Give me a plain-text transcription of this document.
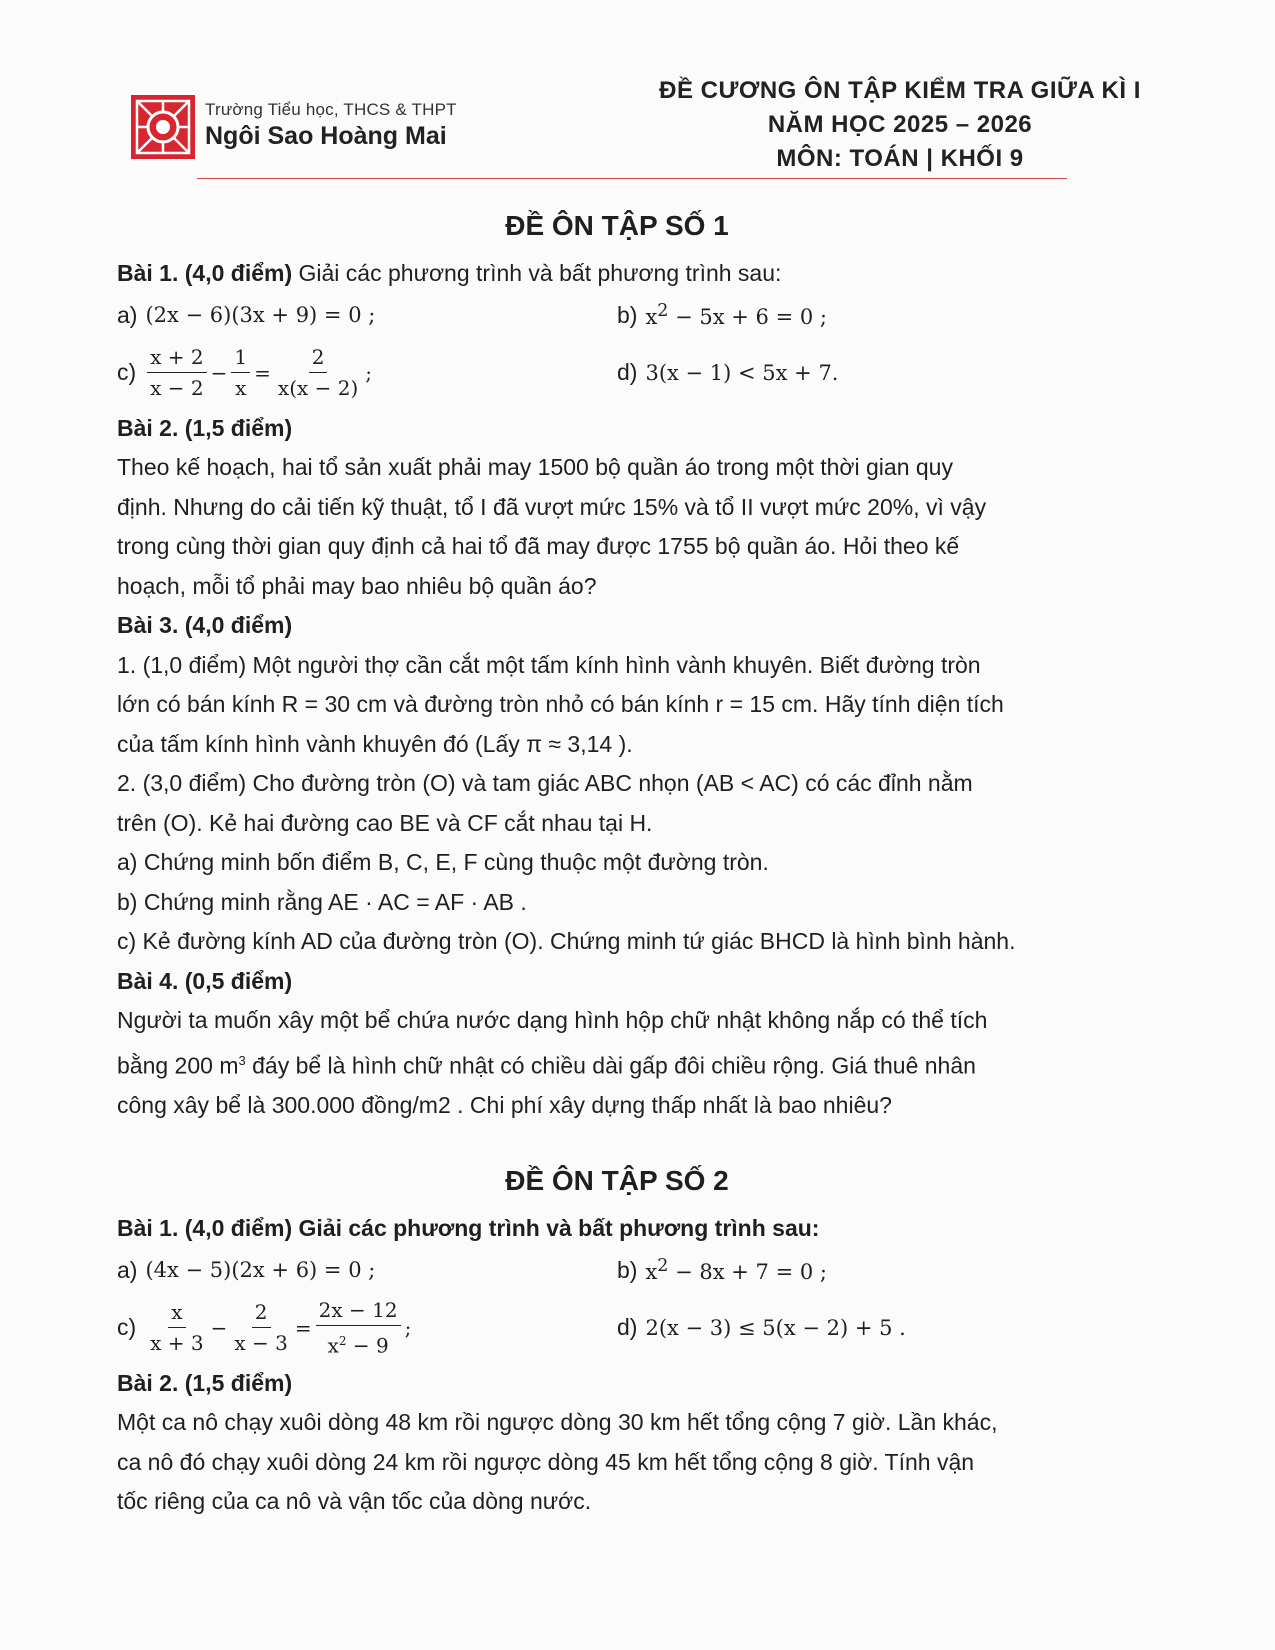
Trường Tiểu học, THCS & THPT
Ngôi Sao Hoàng Mai
ĐỀ CƯƠNG ÔN TẬP KIỂM TRA GIỮA KÌ I
NĂM HỌC 2025 – 2026
MÔN: TOÁN | KHỐI 9
ĐỀ ÔN TẬP SỐ 1

Bài 1. (4,0 điểm) Giải các phương trình và bất phương trình sau:

a) (2x − 6)(3x + 9) = 0 ;	b) $x^2 - 5x + 6 = 0$ ;
$c) \frac{x + 2}{x - 2} - \frac{1}{x} = \frac{2}{x(x - 2)}$ ;	d) 3(x − 1) < 5x + 7.

Bài 2. (1,5 điểm)

Theo kế hoạch, hai tổ sản xuất phải may 1500 bộ quần áo trong một thời gian quy

định. Nhưng do cải tiến kỹ thuật, tổ I đã vượt mức 15% và tổ II vượt mức 20%, vì vậy

trong cùng thời gian quy định cả hai tổ đã may được 1755 bộ quần áo. Hỏi theo kế

hoạch, mỗi tổ phải may bao nhiêu bộ quần áo?

Bài 3. (4,0 điểm)

1. (1,0 điểm) Một người thợ cần cắt một tấm kính hình vành khuyên. Biết đường tròn

lớn có bán kính R = 30 cm và đường tròn nhỏ có bán kính r = 15 cm. Hãy tính diện tích

của tấm kính hình vành khuyên đó (Lấy π ≈ 3,14 ).

2. (3,0 điểm) Cho đường tròn (O) và tam giác ABC nhọn (AB < AC) có các đỉnh nằm

trên (O). Kẻ hai đường cao BE và CF cắt nhau tại H.

a) Chứng minh bốn điểm B, C, E, F cùng thuộc một đường tròn.

b) Chứng minh rằng AE · AC = AF · AB .

c) Kẻ đường kính AD của đường tròn (O). Chứng minh tứ giác BHCD là hình bình hành.

Bài 4. (0,5 điểm)

Người ta muốn xây một bể chứa nước dạng hình hộp chữ nhật không nắp có thể tích

bằng 200 $m^3$ đáy bể là hình chữ nhật có chiều dài gấp đôi chiều rộng. Giá thuê nhân

công xây bể là 300.000 đồng/m2 . Chi phí xây dựng thấp nhất là bao nhiêu?

ĐỀ ÔN TẬP SỐ 2

Bài 1. (4,0 điểm) Giải các phương trình và bất phương trình sau:

a) (4x − 5)(2x + 6) = 0 ;	b) $x^2 - 8x + 7 = 0$ ;
$c) \frac{x}{x + 3} - \frac{2}{x - 3} = \frac{2x - 12}{x^2 - 9}$ ;	d) 2(x − 3) ≤ 5(x − 2) + 5 .

Bài 2. (1,5 điểm)

Một ca nô chạy xuôi dòng 48 km rồi ngược dòng 30 km hết tổng cộng 7 giờ. Lần khác,

ca nô đó chạy xuôi dòng 24 km rồi ngược dòng 45 km hết tổng cộng 8 giờ. Tính vận

tốc riêng của ca nô và vận tốc của dòng nước.
